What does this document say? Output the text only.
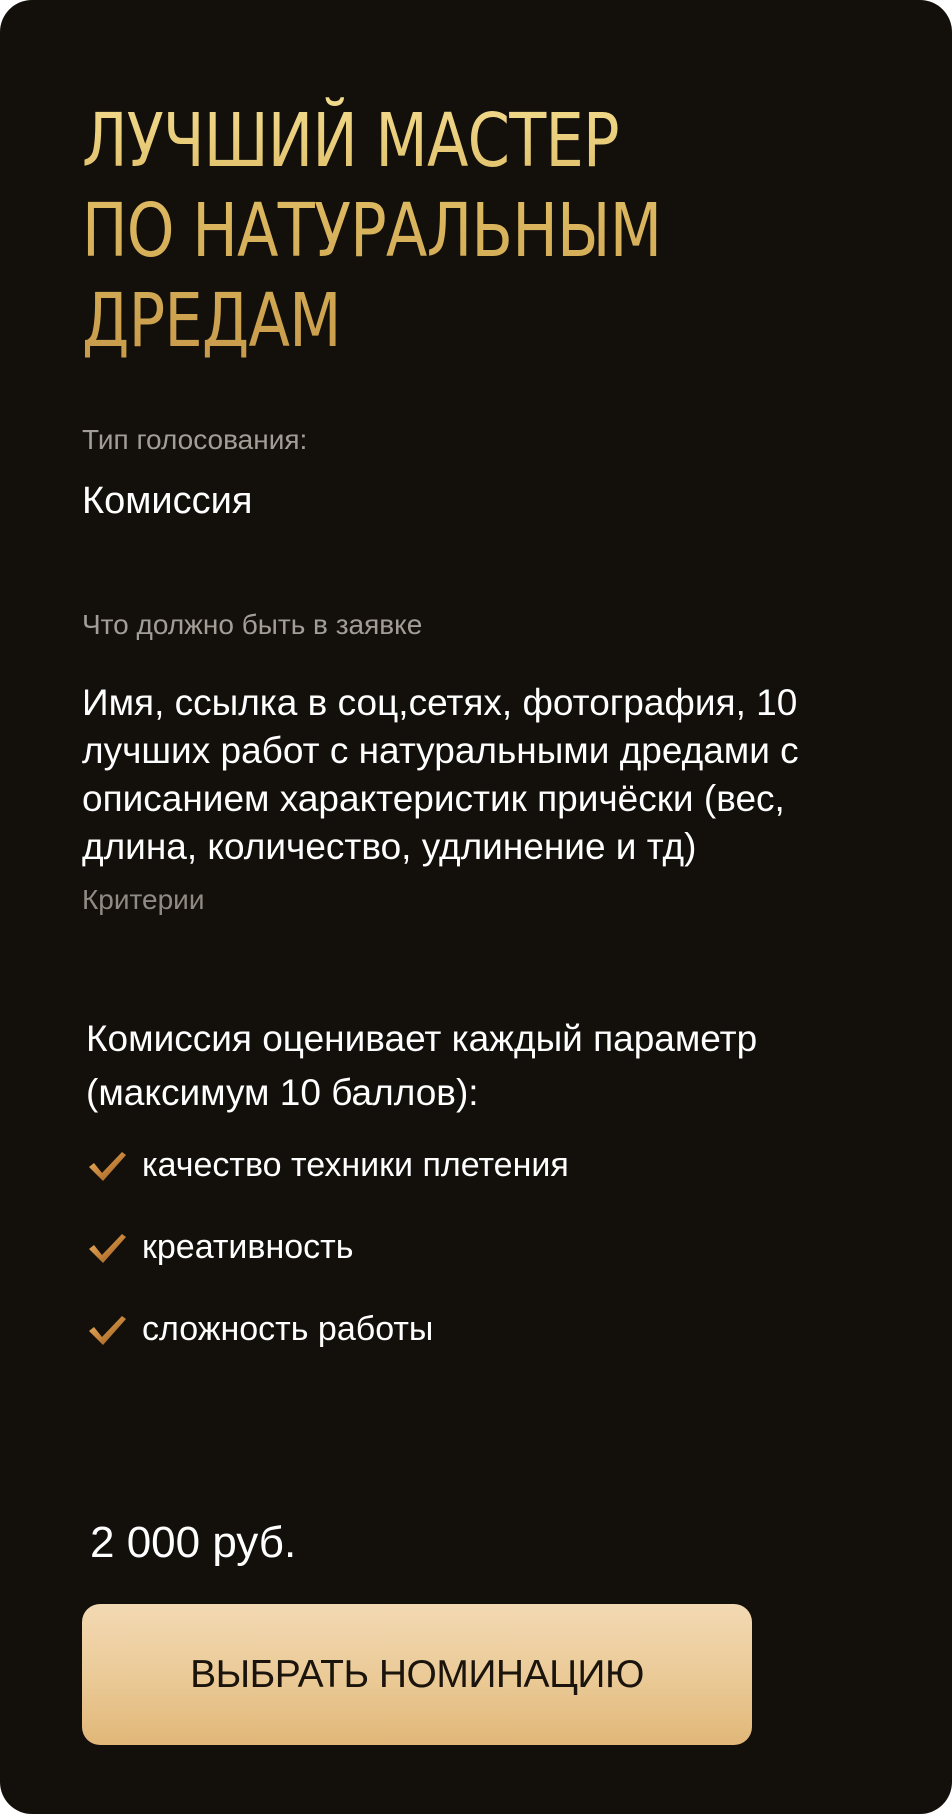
ЛУЧШИЙ МАСТЕР
ПО НАТУРАЛЬНЫМ
ДРЕДАМ
Тип голосования:
Комиссия
Что должно быть в заявке
Критерии

Имя, ссылка в соц,сетях, фотография, 10 лучших работ с натуральными дредами с описанием характеристик причёски (вес, длина, количество, удлинение и тд)

Комиссия оценивает каждый параметр (максимум 10 баллов):

качество техники плетения
креативность
сложность работы
2 000 руб.
ВЫБРАТЬ НОМИНАЦИЮ
